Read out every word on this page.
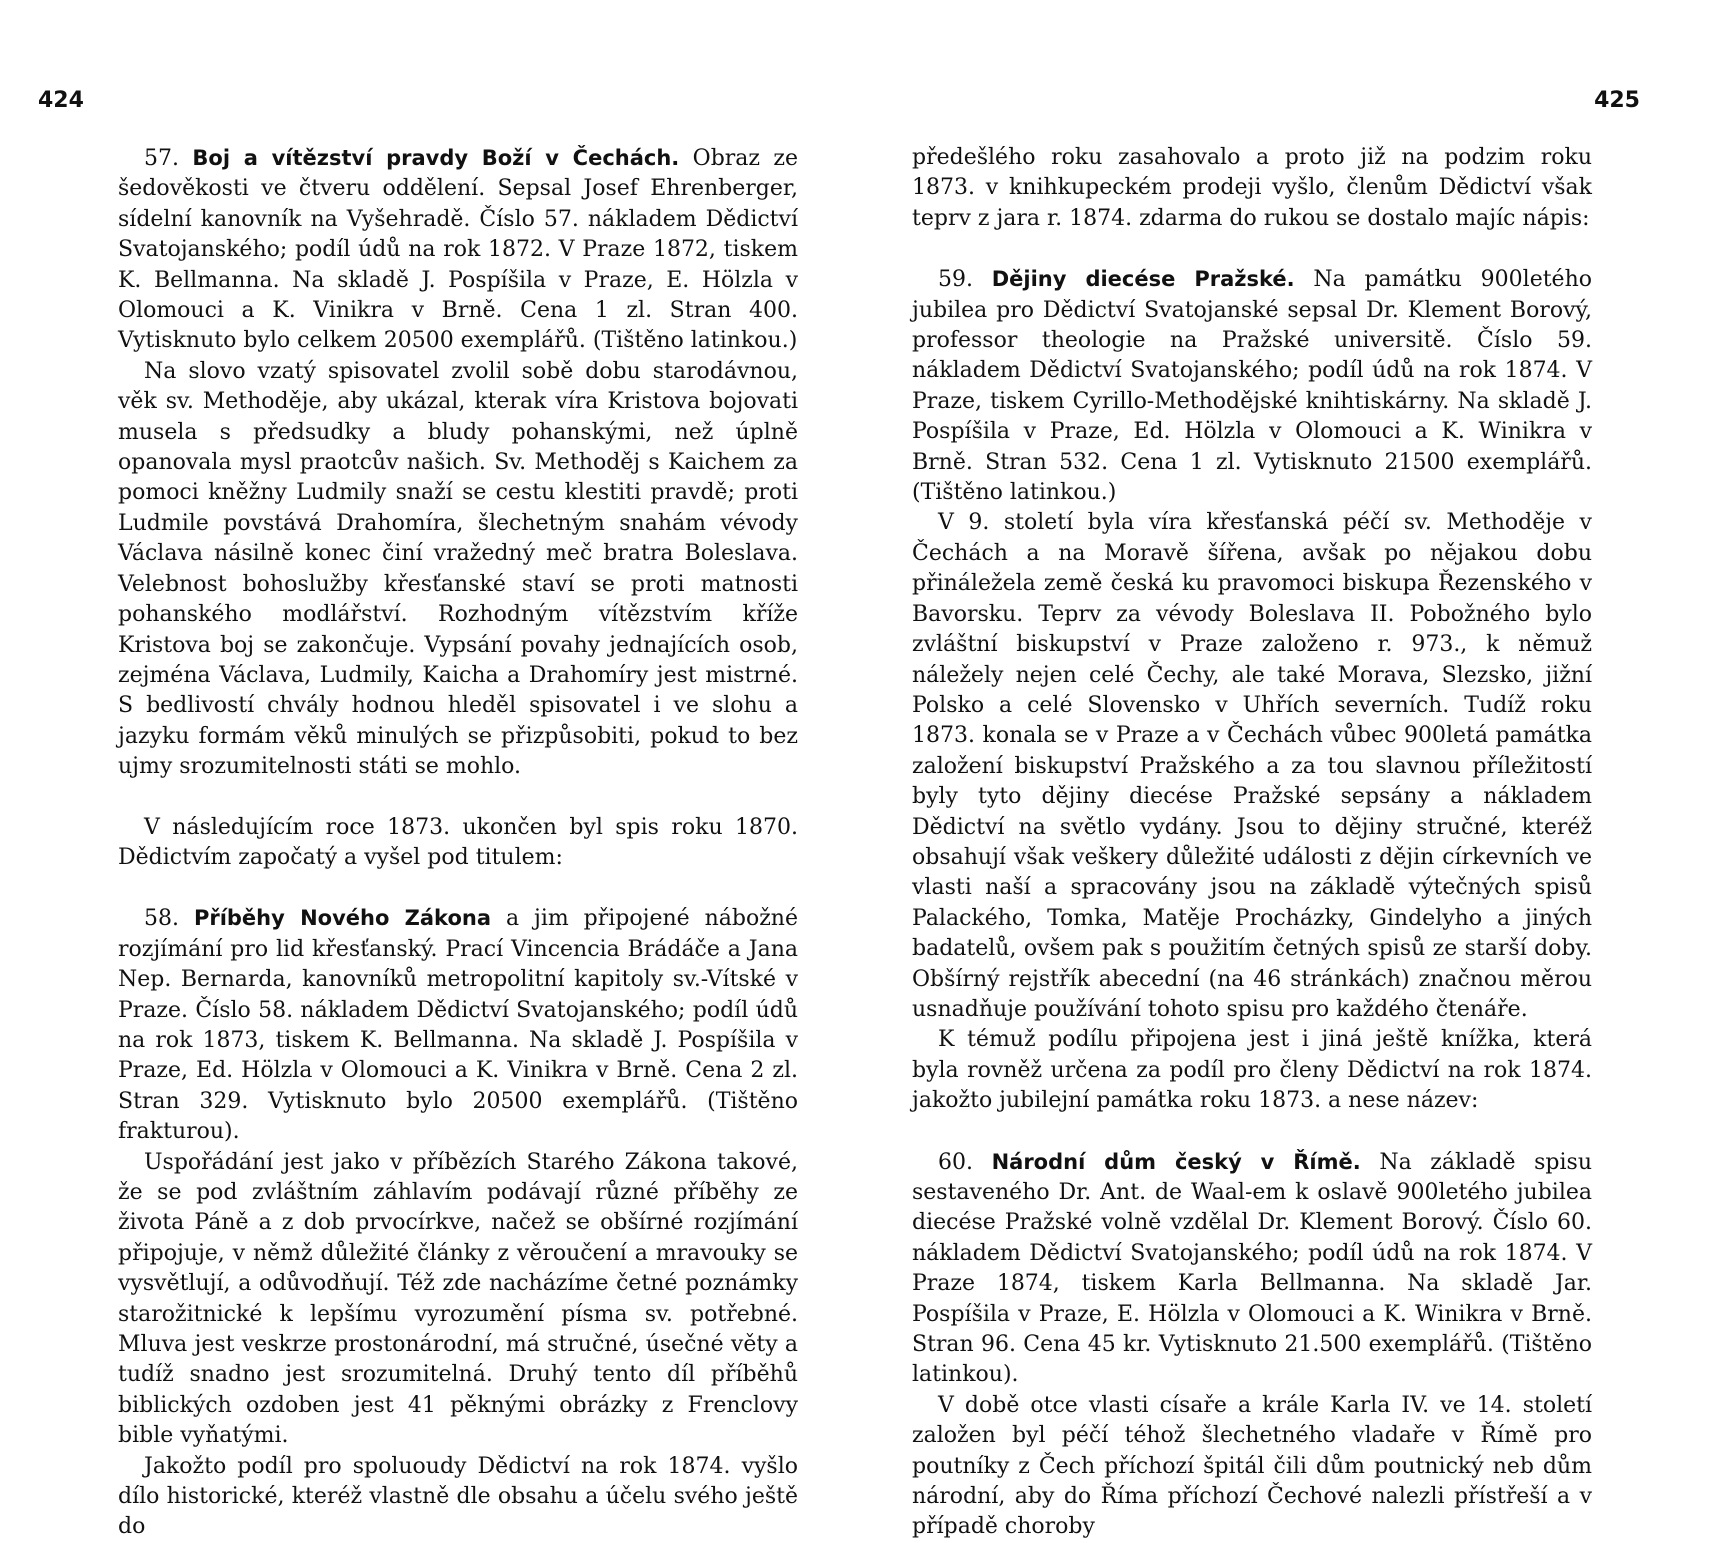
424

57. Boj a vítězství pravdy Boží v Čechách. Obraz ze šedověkosti ve čtveru oddělení. Sepsal Josef Ehrenberger, sídelní kanovník na Vyšehradě. Číslo 57. nákladem Dědictví Svatojanského; podíl údů na rok 1872. V Praze 1872, tiskem K. Bellmanna. Na skladě J. Pospíšila v Praze, E. Hölzla v Olomouci a K. Vinikra v Brně. Cena 1 zl. Stran 400. Vytisknuto bylo celkem 20500 exemplářů. (Tištěno latinkou.)

Na slovo vzatý spisovatel zvolil sobě dobu starodávnou, věk sv. Methoděje, aby ukázal, kterak víra Kristova bojovati musela s předsudky a bludy pohanskými, než úplně opanovala mysl praotcův našich. Sv. Methoděj s Kaichem za pomoci kněžny Ludmily snaží se cestu klestiti pravdě; proti Ludmile povstává Drahomíra, šlechetným snahám vévody Václava násilně konec činí vražedný meč bratra Boleslava. Velebnost bohoslužby křesťanské staví se proti matnosti pohanského modlářství. Rozhodným vítězstvím kříže Kristova boj se zakončuje. Vypsání povahy jednajících osob, zejména Václava, Ludmily, Kaicha a Drahomíry jest mistrné. S bedlivostí chvály hodnou hleděl spisovatel i ve slohu a jazyku formám věků minulých se přizpůsobiti, pokud to bez ujmy srozumitelnosti státi se mohlo.

V následujícím roce 1873. ukončen byl spis roku 1870. Dědictvím započatý a vyšel pod titulem:

58. Příběhy Nového Zákona a jim připojené nábožné rozjímání pro lid křesťanský. Prací Vincencia Brádáče a Jana Nep. Bernarda, kanovníků metropolitní kapitoly sv.-Vítské v Praze. Číslo 58. nákladem Dědictví Svatojanského; podíl údů na rok 1873, tiskem K. Bellmanna. Na skladě J. Pospíšila v Praze, Ed. Hölzla v Olomouci a K. Vinikra v Brně. Cena 2 zl. Stran 329. Vytisknuto bylo 20500 exemplářů. (Tištěno frakturou).

Uspořádání jest jako v příbězích Starého Zákona takové, že se pod zvláštním záhlavím podávají různé příběhy ze života Páně a z dob prvocírkve, načež se obšírné rozjímání připojuje, v němž důležité články z věroučení a mravouky se vysvětlují, a odůvodňují. Též zde nacházíme četné poznámky starožitnické k lepšímu vyrozumění písma sv. potřebné. Mluva jest veskrze prostonárodní, má stručné, úsečné věty a tudíž snadno jest srozumitelná. Druhý tento díl příběhů biblických ozdoben jest 41 pěknými obrázky z Frenclovy bible vyňatými.

Jakožto podíl pro spoluoudy Dědictví na rok 1874. vyšlo dílo historické, kteréž vlastně dle obsahu a účelu svého ještě do

425

předešlého roku zasahovalo a proto již na podzim roku 1873. v knihkupeckém prodeji vyšlo, členům Dědictví však teprv z jara r. 1874. zdarma do rukou se dostalo majíc nápis:

59. Dějiny diecése Pražské. Na památku 900letého jubilea pro Dědictví Svatojanské sepsal Dr. Klement Borový, professor theologie na Pražské universitě. Číslo 59. nákladem Dědictví Svatojanského; podíl údů na rok 1874. V Praze, tiskem Cyrillo-Methodějské knihtiskárny. Na skladě J. Pospíšila v Praze, Ed. Hölzla v Olomouci a K. Winikra v Brně. Stran 532. Cena 1 zl. Vytisknuto 21500 exemplářů. (Tištěno latinkou.)

V 9. století byla víra křesťanská péčí sv. Methoděje v Čechách a na Moravě šířena, avšak po nějakou dobu přináležela země česká ku pravomoci biskupa Řezenského v Bavorsku. Teprv za vévody Boleslava II. Pobožného bylo zvláštní biskupství v Praze založeno r. 973., k němuž náležely nejen celé Čechy, ale také Morava, Slezsko, jižní Polsko a celé Slovensko v Uhřích severních. Tudíž roku 1873. konala se v Praze a v Čechách vůbec 900letá památka založení biskupství Pražského a za tou slavnou příležitostí byly tyto dějiny diecése Pražské sepsány a nákladem Dědictví na světlo vydány. Jsou to dějiny stručné, kteréž obsahují však veškery důležité události z dějin církevních ve vlasti naší a spracovány jsou na základě výtečných spisů Palackého, Tomka, Matěje Procházky, Gindelyho a jiných badatelů, ovšem pak s použitím četných spisů ze starší doby. Obšírný rejstřík abecední (na 46 stránkách) značnou měrou usnadňuje používání tohoto spisu pro každého čtenáře.

K témuž podílu připojena jest i jiná ještě knížka, která byla rovněž určena za podíl pro členy Dědictví na rok 1874. jakožto jubilejní památka roku 1873. a nese název:

60. Národní dům český v Římě. Na základě spisu sestaveného Dr. Ant. de Waal-em k oslavě 900letého jubilea diecése Pražské volně vzdělal Dr. Klement Borový. Číslo 60. nákladem Dědictví Svatojanského; podíl údů na rok 1874. V Praze 1874, tiskem Karla Bellmanna. Na skladě Jar. Pospíšila v Praze, E. Hölzla v Olomouci a K. Winikra v Brně. Stran 96. Cena 45 kr. Vytisknuto 21.500 exemplářů. (Tištěno latinkou).

V době otce vlasti císaře a krále Karla IV. ve 14. století založen byl péčí téhož šlechetného vladaře v Římě pro poutníky z Čech příchozí špitál čili dům poutnický neb dům národní, aby do Říma příchozí Čechové nalezli přístřeší a v případě choroby
